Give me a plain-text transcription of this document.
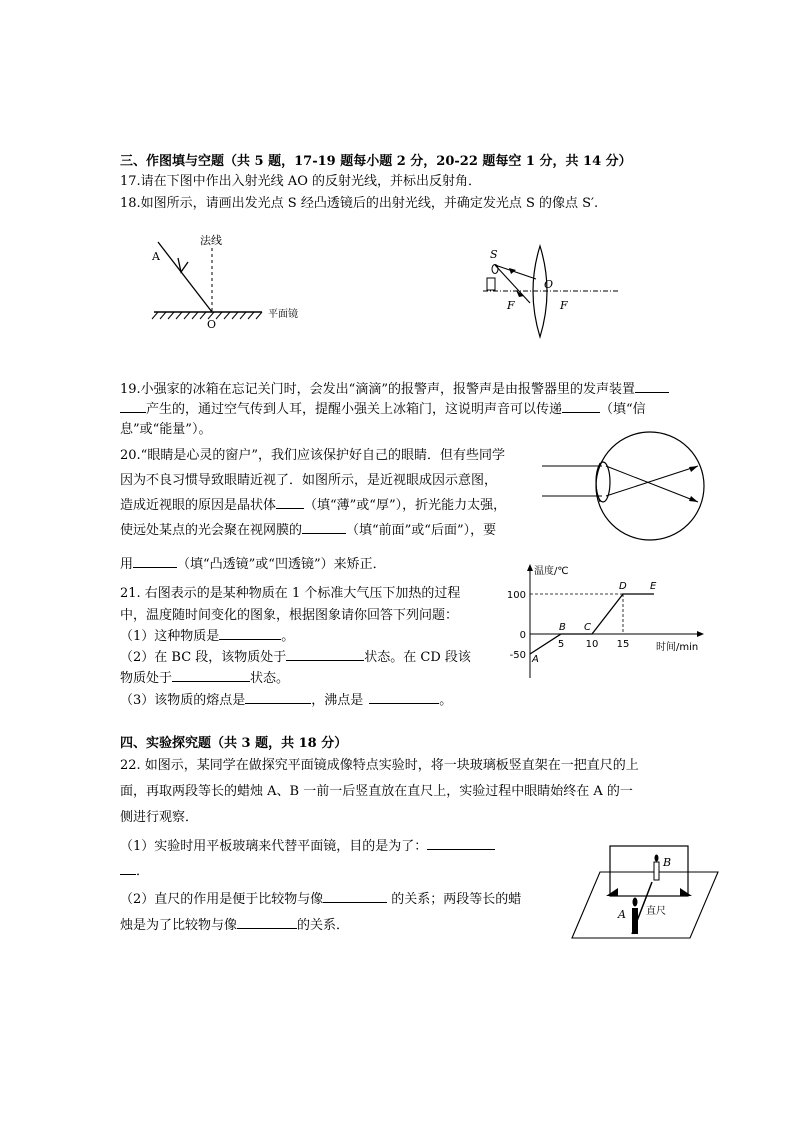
三、作图填与空题（共 5 题，17-19 题每小题 2 分，20-22 题每空 1 分，共 14 分）
17.请在下图中作出入射光线 AO 的反射光线，并标出反射角．
18.如图所示，请画出发光点 S 经凸透镜后的出射光线，并确定发光点 S 的像点 S′.
法线
A
O
平面镜
S
F
O
F
19.小强家的冰箱在忘记关门时，会发出“滴滴”的报警声，报警声是由报警器里的发声装置
产生的，通过空气传到人耳，提醒小强关上冰箱门，这说明声音可以传递	（填“信
息”或“能量”）。
20.“眼睛是心灵的窗户”，我们应该保护好自己的眼睛．但有些同学
因为不良习惯导致眼睛近视了．如图所示，是近视眼成因示意图，
造成近视眼的原因是晶状体 （填“薄”或“厚”），折光能力太强，
使远处某点的光会聚在视网膜的	（填“前面”或“后面”），要
用	（填“凸透镜”或“凹透镜”）来矫正．
21. 右图表示的是某种物质在 1 个标准大气压下加热的过程
中，温度随时间变化的图象，根据图象请你回答下列问题：
（1）这种物质是	。
（2）在 BC 段，该物质处于	状态。在 CD 段该
物质处于	状态。
（3）该物质的熔点是	，沸点是	。
温度/℃
时间/min
A
B C
D E
100
0
-50
5 10 15
四、实验探究题（共 3 题，共 18 分）
22. 如图示，某同学在做探究平面镜成像特点实验时，将一块玻璃板竖直架在一把直尺的上
面，再取两段等长的蜡烛 A、B 一前一后竖直放在直尺上，实验过程中眼睛始终在 A 的一
侧进行观察．
（1）实验时用平板玻璃来代替平面镜，目的是为了：
．
（2）直尺的作用是便于比较物与像	的关系；两段等长的蜡
烛是为了比较物与像	的关系．
B
A 直尺
